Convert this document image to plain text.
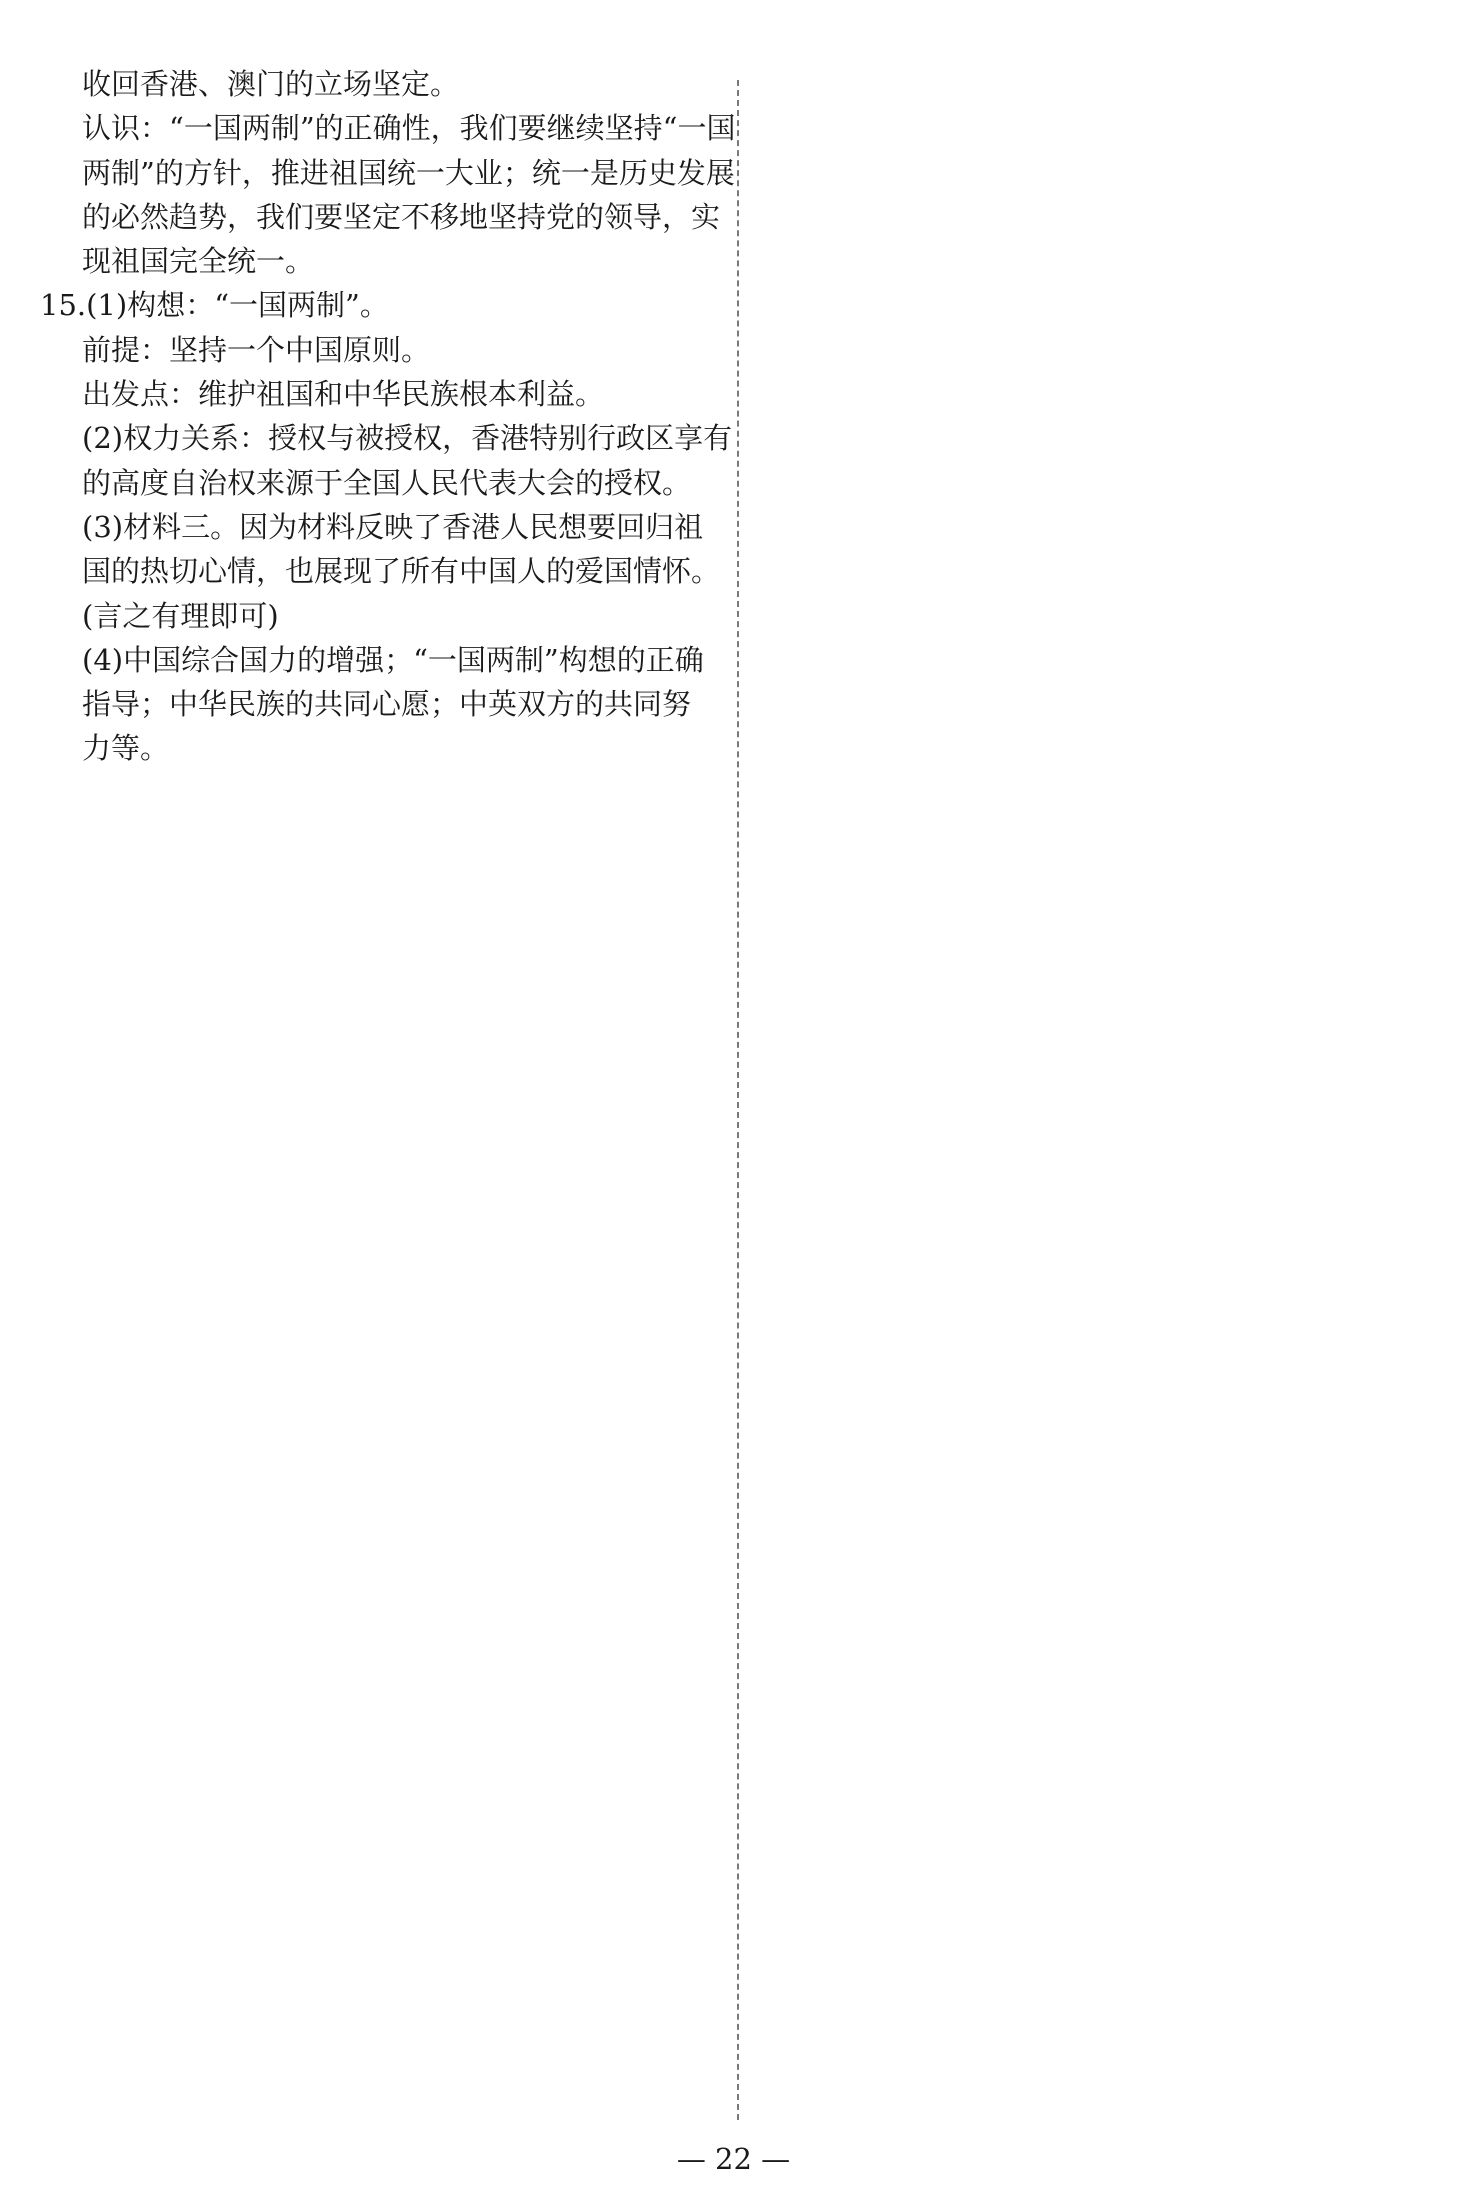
收回香港、澳门的立场坚定。
认识：“一国两制”的正确性，我们要继续坚持“一国
两制”的方针，推进祖国统一大业；统一是历史发展
的必然趋势，我们要坚定不移地坚持党的领导，实
现祖国完全统一。
15.(1)构想：“一国两制”。
前提：坚持一个中国原则。
出发点：维护祖国和中华民族根本利益。
(2)权力关系：授权与被授权，香港特别行政区享有
的高度自治权来源于全国人民代表大会的授权。
(3)材料三。因为材料反映了香港人民想要回归祖
国的热切心情，也展现了所有中国人的爱国情怀。
(言之有理即可)
(4)中国综合国力的增强；“一国两制”构想的正确
指导；中华民族的共同心愿；中英双方的共同努
力等。
— 22 —
